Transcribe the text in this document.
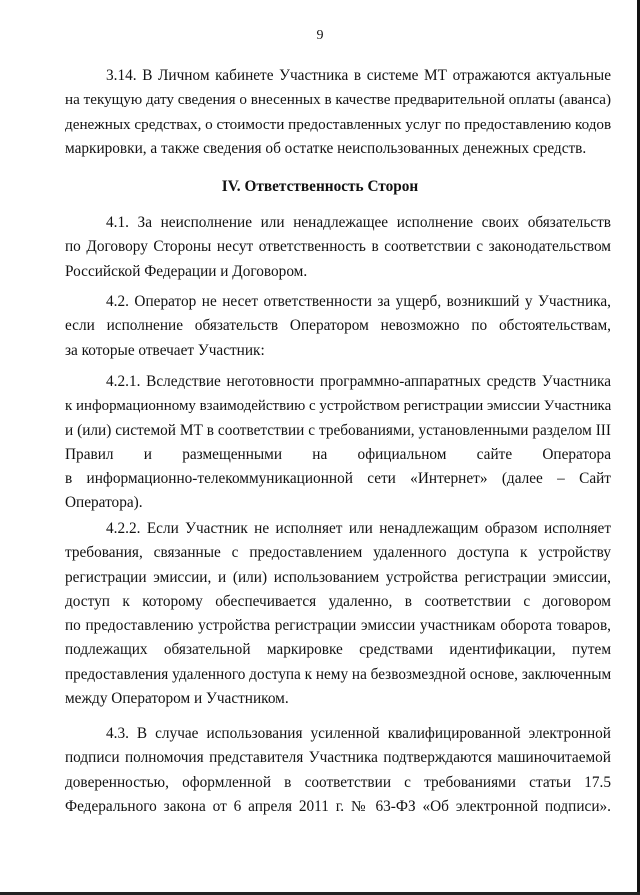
9
3.14. В Личном кабинете Участника в системе МТ отражаются актуальные
на текущую дату сведения о внесенных в качестве предварительной оплаты (аванса)
денежных средствах, о стоимости предоставленных услуг по предоставлению кодов
маркировки, а также сведения об остатке неиспользованных денежных средств.
IV. Ответственность Сторон
4.1. За неисполнение или ненадлежащее исполнение своих обязательств
по Договору Стороны несут ответственность в соответствии с законодательством
Российской Федерации и Договором.
4.2. Оператор не несет ответственности за ущерб, возникший у Участника,
если исполнение обязательств Оператором невозможно по обстоятельствам,
за которые отвечает Участник:
4.2.1. Вследствие неготовности программно-аппаратных средств Участника
к информационному взаимодействию с устройством регистрации эмиссии Участника
и (или) системой МТ в соответствии с требованиями, установленными разделом III
Правил и размещенными на официальном сайте Оператора
в информационно-телекоммуникационной сети «Интернет» (далее – Сайт
Оператора).
4.2.2. Если Участник не исполняет или ненадлежащим образом исполняет
требования, связанные с предоставлением удаленного доступа к устройству
регистрации эмиссии, и (или) использованием устройства регистрации эмиссии,
доступ к которому обеспечивается удаленно, в соответствии с договором
по предоставлению устройства регистрации эмиссии участникам оборота товаров,
подлежащих обязательной маркировке средствами идентификации, путем
предоставления удаленного доступа к нему на безвозмездной основе, заключенным
между Оператором и Участником.
4.3. В случае использования усиленной квалифицированной электронной
подписи полномочия представителя Участника подтверждаются машиночитаемой
доверенностью, оформленной в соответствии с требованиями статьи 17.5
Федерального закона от 6 апреля 2011 г. № 63-ФЗ «Об электронной подписи».
